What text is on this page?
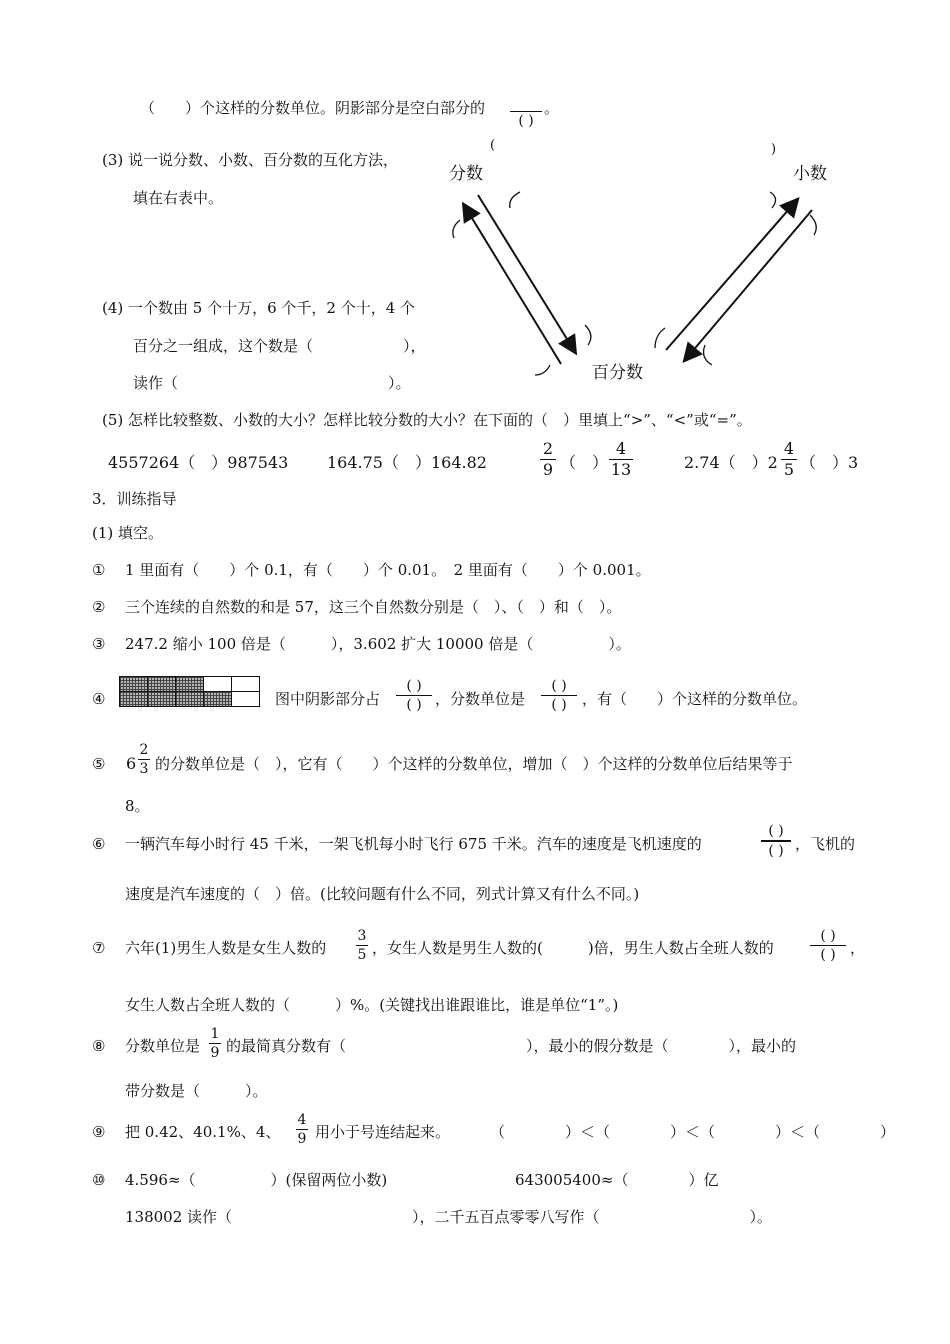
（　　）个这样的分数单位。阴影部分是空白部分的
( )
。
(3) 说一说分数、小数、百分数的互化方法，
填在右表中。
分数	小数
百分数
(	)
(4) 一个数由 5 个十万，6 个千，2 个十，4 个
百分之一组成，这个数是（　　　　　　），
读作（　　　　　　　　　　　　　　）。
(5) 怎样比较整数、小数的大小？怎样比较分数的大小？在下面的（　）里填上“>”、“<”或“=”。
4557264（　）987543 164.75（　）164.82
2
9 （　）
4
13	2.74（　）2
4
5 （　）3
3．训练指导
(1) 填空。
① 1 里面有（　　）个 0.1，有（　　）个 0.01。　2 里面有（　　）个 0.001。
② 三个连续的自然数的和是 57，这三个自然数分别是（　）、（　）和（　）。
③ 247.2 缩小 100 倍是（　　　），3.602 扩大 10000 倍是（　　　　　）。
④

					图中阴影部分占
( )
( ) ，分数单位是
( )
( )	，有（　　）个这样的分数单位。
⑤ 6
2
3 的分数单位是（　），它有（　　）个这样的分数单位，增加（　）个这样的分数单位后结果等于
8。
⑥ 一辆汽车每小时行 45 千米，一架飞机每小时飞行 675 千米。汽车的速度是飞机速度的
( )
( ) ，飞机的
速度是汽车速度的（　）倍。(比较问题有什么不同，列式计算又有什么不同。)
⑦ 六年(1)男生人数是女生人数的
3
5 ，女生人数是男生人数的(　　　)倍，男生人数占全班人数的
( )
( ) ，
女生人数占全班人数的（　　　）%。(关键找出谁跟谁比，谁是单位“1”。)
⑧ 分数单位是
1
9 的最简真分数有（　　　　　　　　　　　　），最小的假分数是（　　　　），最小的
带分数是（　　　）。
⑨ 把 0.42、40.1%、4、
4
9 用小于号连结起来。	（　　　　）＜（　　　　）＜（　　　　）＜（　　　　）
⑩ 4.596≈（　　　　　）(保留两位小数)	643005400≈（　　　　）亿
138002 读作（　　　　　　　　　　　　），二千五百点零零八写作（　　　　　　　　　　）。
